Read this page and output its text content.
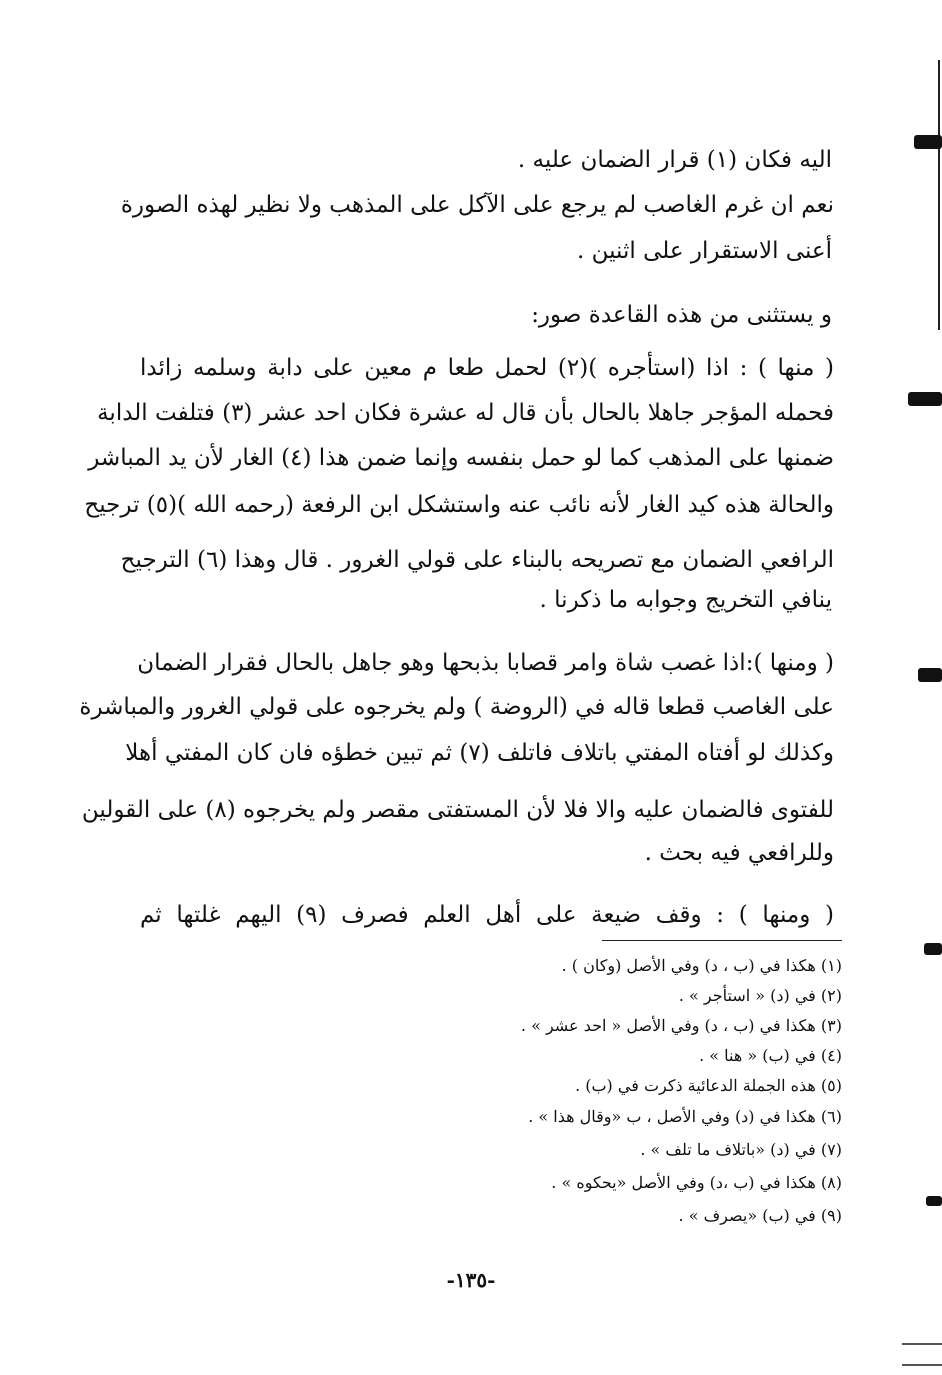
اليه فكان (١) قرار الضمان عليه .
نعم ان غرم الغاصب لم يرجع على الآكل على المذهب ولا نظير لهذه الصورة
أعنى الاستقرار على اثنين .
و يستثنى من هذه القاعدة صور:
( منها ) : اذا (استأجره )(٢) لحمل طعا م معين على دابة وسلمه زائدا
فحمله المؤجر جاهلا بالحال بأن قال له عشرة فكان احد عشر (٣) فتلفت الدابة
ضمنها على المذهب كما لو حمل بنفسه وإنما ضمن هذا (٤) الغار لأن يد المباشر
والحالة هذه كيد الغار لأنه نائب عنه واستشكل ابن الرفعة (رحمه الله )(٥) ترجيح
الرافعي الضمان مع تصريحه بالبناء على قولي الغرور . قال وهذا (٦) الترجيح
ينافي التخريج وجوابه ما ذكرنا .
( ومنها ):اذا غصب شاة وامر قصابا بذبحها وهو جاهل بالحال فقرار الضمان
على الغاصب قطعا قاله في (الروضة ) ولم يخرجوه على قولي الغرور والمباشرة
وكذلك لو أفتاه المفتي باتلاف فاتلف (٧) ثم تبين خطؤه فان كان المفتي أهلا
للفتوى فالضمان عليه والا فلا لأن المستفتى مقصر ولم يخرجوه (٨) على القولين
وللرافعي فيه بحث .
( ومنها ) : وقف ضيعة على أهل العلم فصرف (٩) اليهم غلتها ثم
(١) هكذا في (ب ، د) وفي الأصل (وكان ) .
(٢) في (د) « استأجر » .
(٣) هكذا في (ب ، د) وفي الأصل « احد عشر » .
(٤) في (ب) « هنا » .
(٥) هذه الجملة الدعائية ذكرت في (ب) .
(٦) هكذا في (د) وفي الأصل ، ب «وقال هذا » .
(٧) في (د) «باتلاف ما تلف » .
(٨) هكذا في (ب ،د) وفي الأصل «يحكوه » .
(٩) في (ب) «يصرف » .
-١٣٥-
